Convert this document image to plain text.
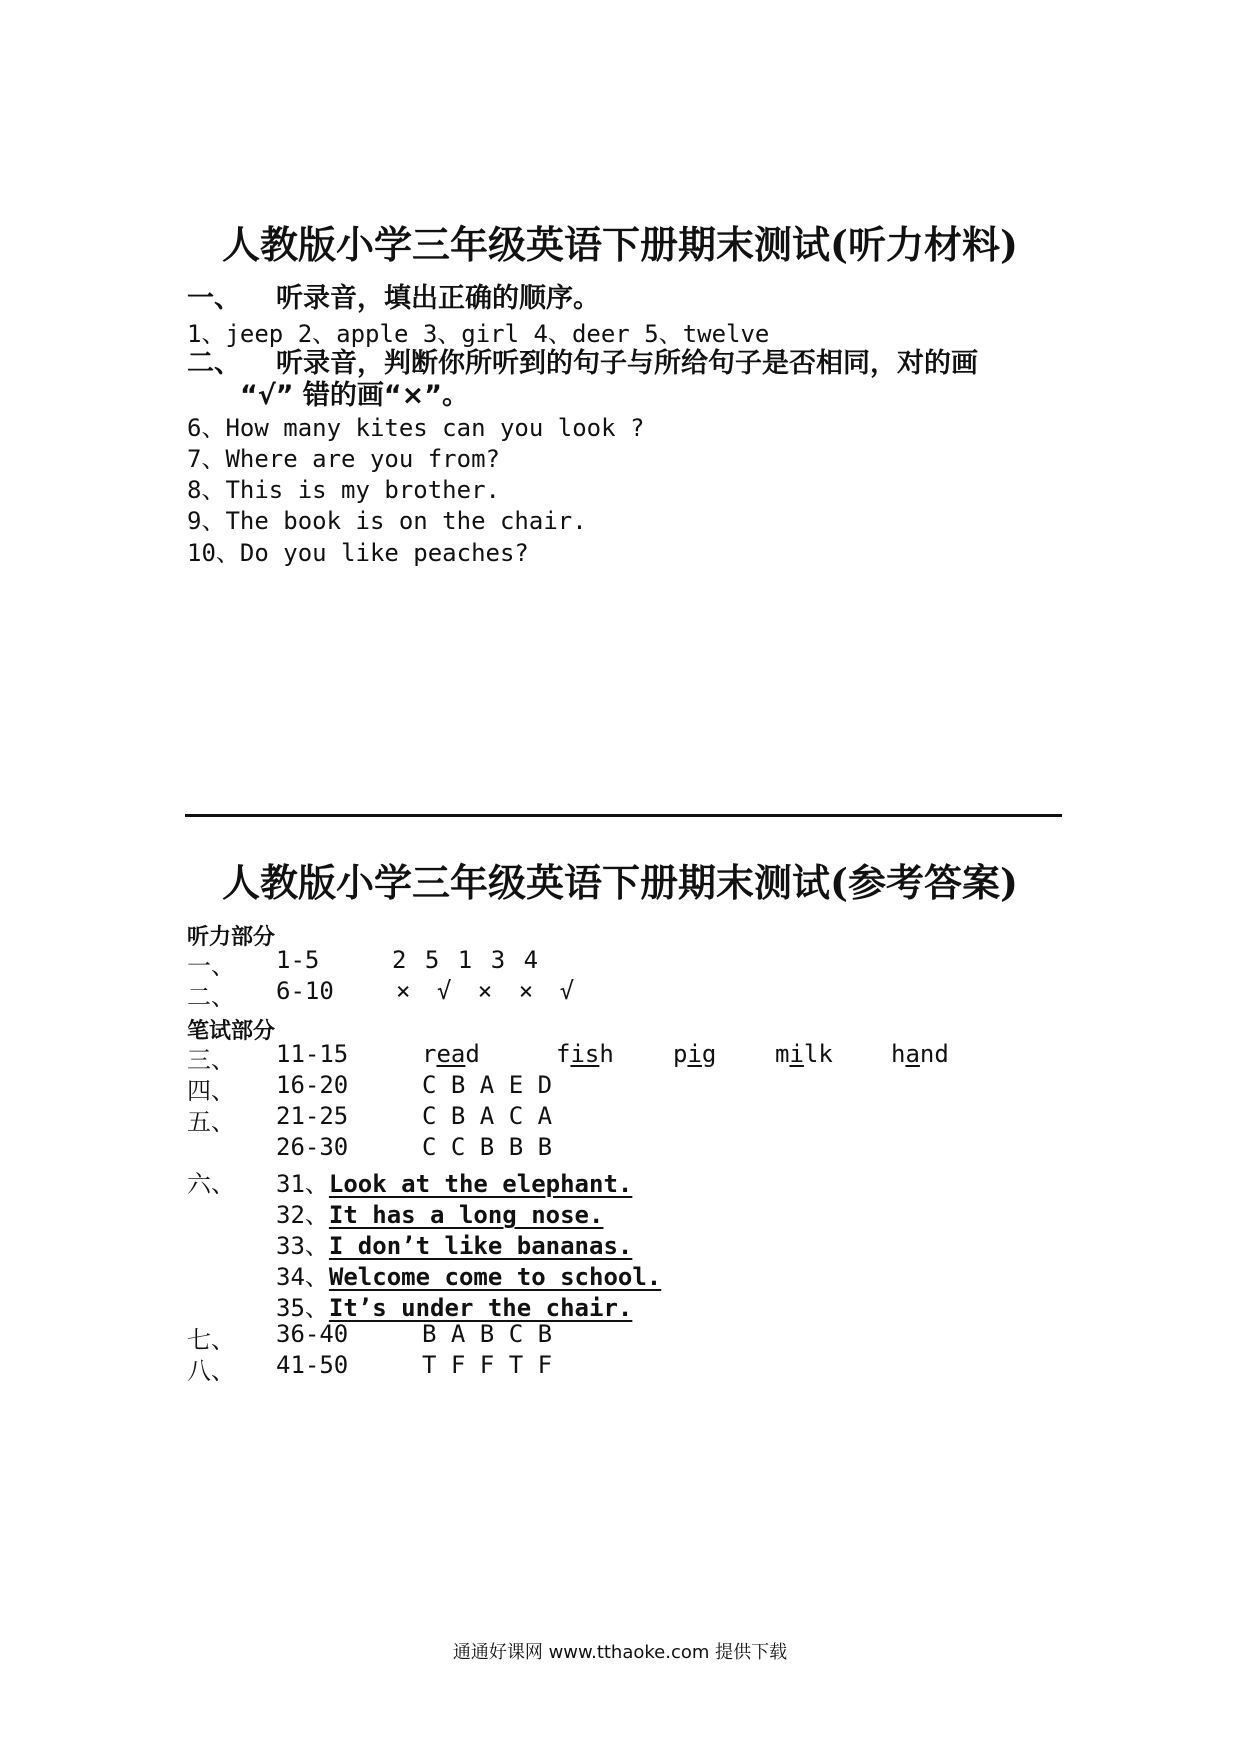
人教版小学三年级英语下册期末测试(听力材料)
一、 听录音，填出正确的顺序。
1、jeep 2、apple 3、girl 4、deer 5、twelve
二、 听录音，判断你所听到的句子与所给句子是否相同，对的画
“√” 错的画“×”。
6、How many kites can you look ?
7、Where are you from?
8、This is my brother.
9、The book is on the chair.
10、Do you like peaches?
人教版小学三年级英语下册期末测试(参考答案)
听力部分
一、 1-5	2 5 1 3 4
二、 6-10	× √ × × √
笔试部分
三、 11-15	read	fish pig milk hand
四、 16-20	C B A E D
五、 21-25	C B A C A
26-30	C C B B B
六、 31、Look at the elephant.
32、It has a long nose.
33、I don’t like bananas.
34、Welcome come to school.
35、It’s under the chair.
七、 36-40	B A B C B
八、 41-50	T F F T F
通通好课网 www.tthaoke.com 提供下载
